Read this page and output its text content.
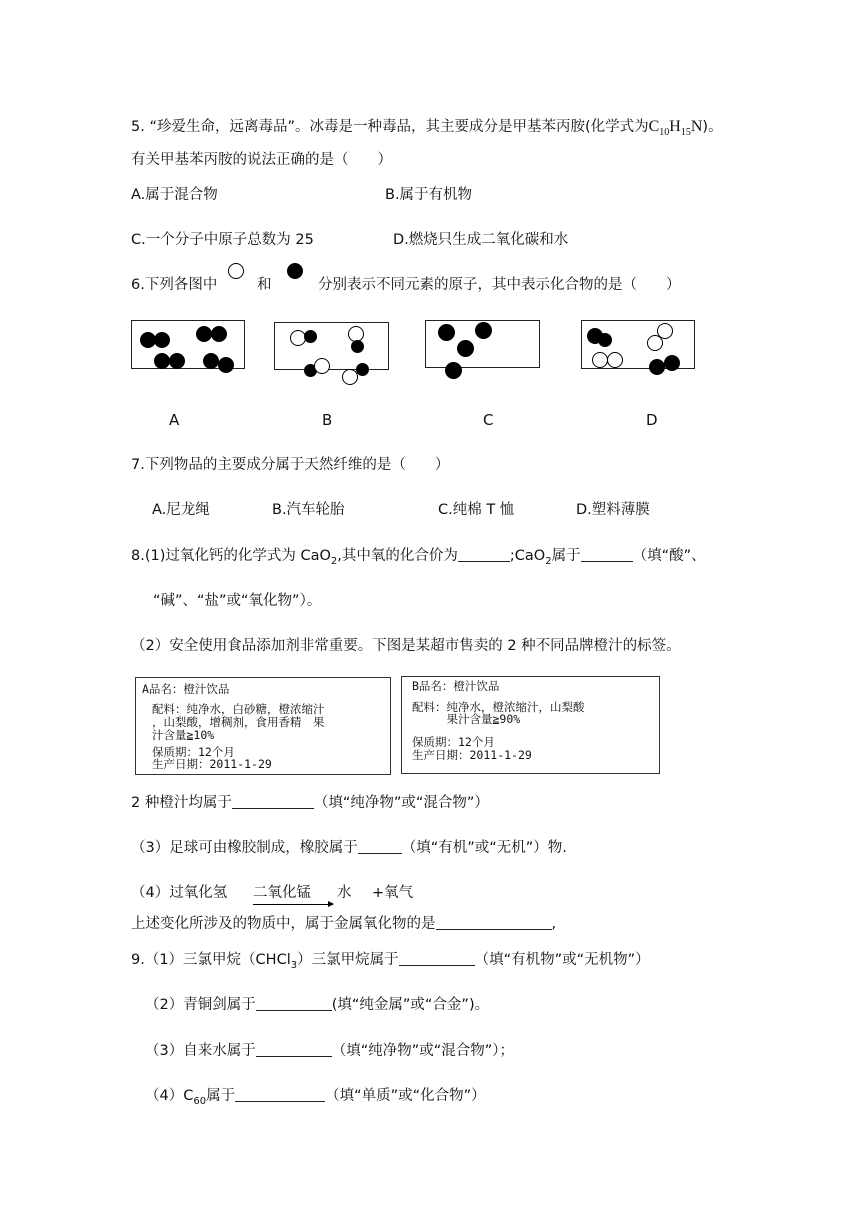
5. “珍爱生命，远离毒品”。冰毒是一种毒品，其主要成分是甲基苯丙胺(化学式为$C_{10}H_{15}N$)。
有关甲基苯丙胺的说法正确的是（　　）
A.属于混合物	B.属于有机物
C.一个分子中原子总数为 25	D.燃烧只生成二氧化碳和水
6.下列各图中	和	分别表示不同元素的原子，其中表示化合物的是（　　）
A	B	C	D
7.下列物品的主要成分属于天然纤维的是（　　）
A.尼龙绳	B.汽车轮胎	C.纯棉 T 恤	D.塑料薄膜
8.(1)过氧化钙的化学式为 CaO$_2$,其中氧的化合价为	;CaO$_2$属于	（填“酸”、
“碱”、“盐”或“氧化物”）。
（2）安全使用食品添加剂非常重要。下图是某超市售卖的 2 种不同品牌橙汁的标签。
A品名：橙汁饮品
配料：纯净水，白砂糖，橙浓缩汁
，山梨酸，增稠剂，食用香精　果
汁含量≧10%
保质期：12个月
生产日期：2011-1-29
B品名：橙汁饮品
配料：纯净水，橙浓缩汁，山梨酸
　　　果汁含量≧90%
保质期：12个月
生产日期：2011-1-29
2 种橙汁均属于	（填“纯净物”或“混合物”）
（3）足球可由橡胶制成，橡胶属于	（填“有机”或“无机”）物.
（4）过氧化氢 二氧化锰 水 +氧气
上述变化所涉及的物质中，属于金属氧化物的是	,
9.（1）三氯甲烷（CHCl$_3$）三氯甲烷属于	（填“有机物”或“无机物”）
（2）青铜剑属于	(填“纯金属”或“合金”)。
（3）自来水属于	（填“纯净物”或“混合物”）；
$(4)C_{60}$属于	（填“单质”或“化合物”）
